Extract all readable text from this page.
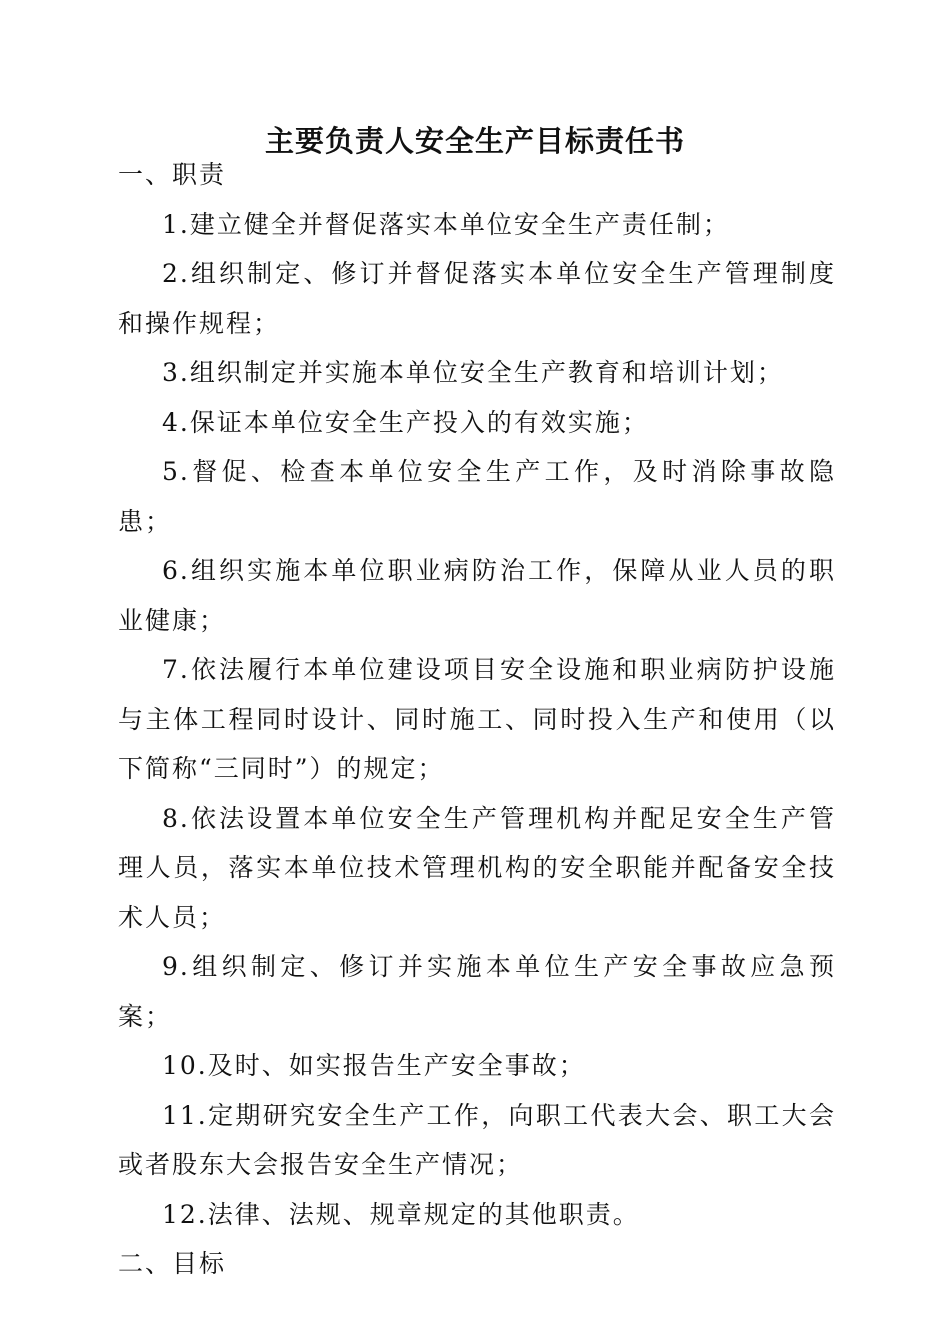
主要负责人安全生产目标责任书

一、职责

1.建立健全并督促落实本单位安全生产责任制；

2.组织制定、修订并督促落实本单位安全生产管理制度和操作规程；

3.组织制定并实施本单位安全生产教育和培训计划；

4.保证本单位安全生产投入的有效实施；

5.督促、检查本单位安全生产工作，及时消除事故隐患；

6.组织实施本单位职业病防治工作，保障从业人员的职业健康；

7.依法履行本单位建设项目安全设施和职业病防护设施与主体工程同时设计、同时施工、同时投入生产和使用（以下简称“三同时”）的规定；

8.依法设置本单位安全生产管理机构并配足安全生产管理人员，落实本单位技术管理机构的安全职能并配备安全技术人员；

9.组织制定、修订并实施本单位生产安全事故应急预案；

10.及时、如实报告生产安全事故；

11.定期研究安全生产工作，向职工代表大会、职工大会或者股东大会报告安全生产情况；

12.法律、法规、规章规定的其他职责。

二、目标
